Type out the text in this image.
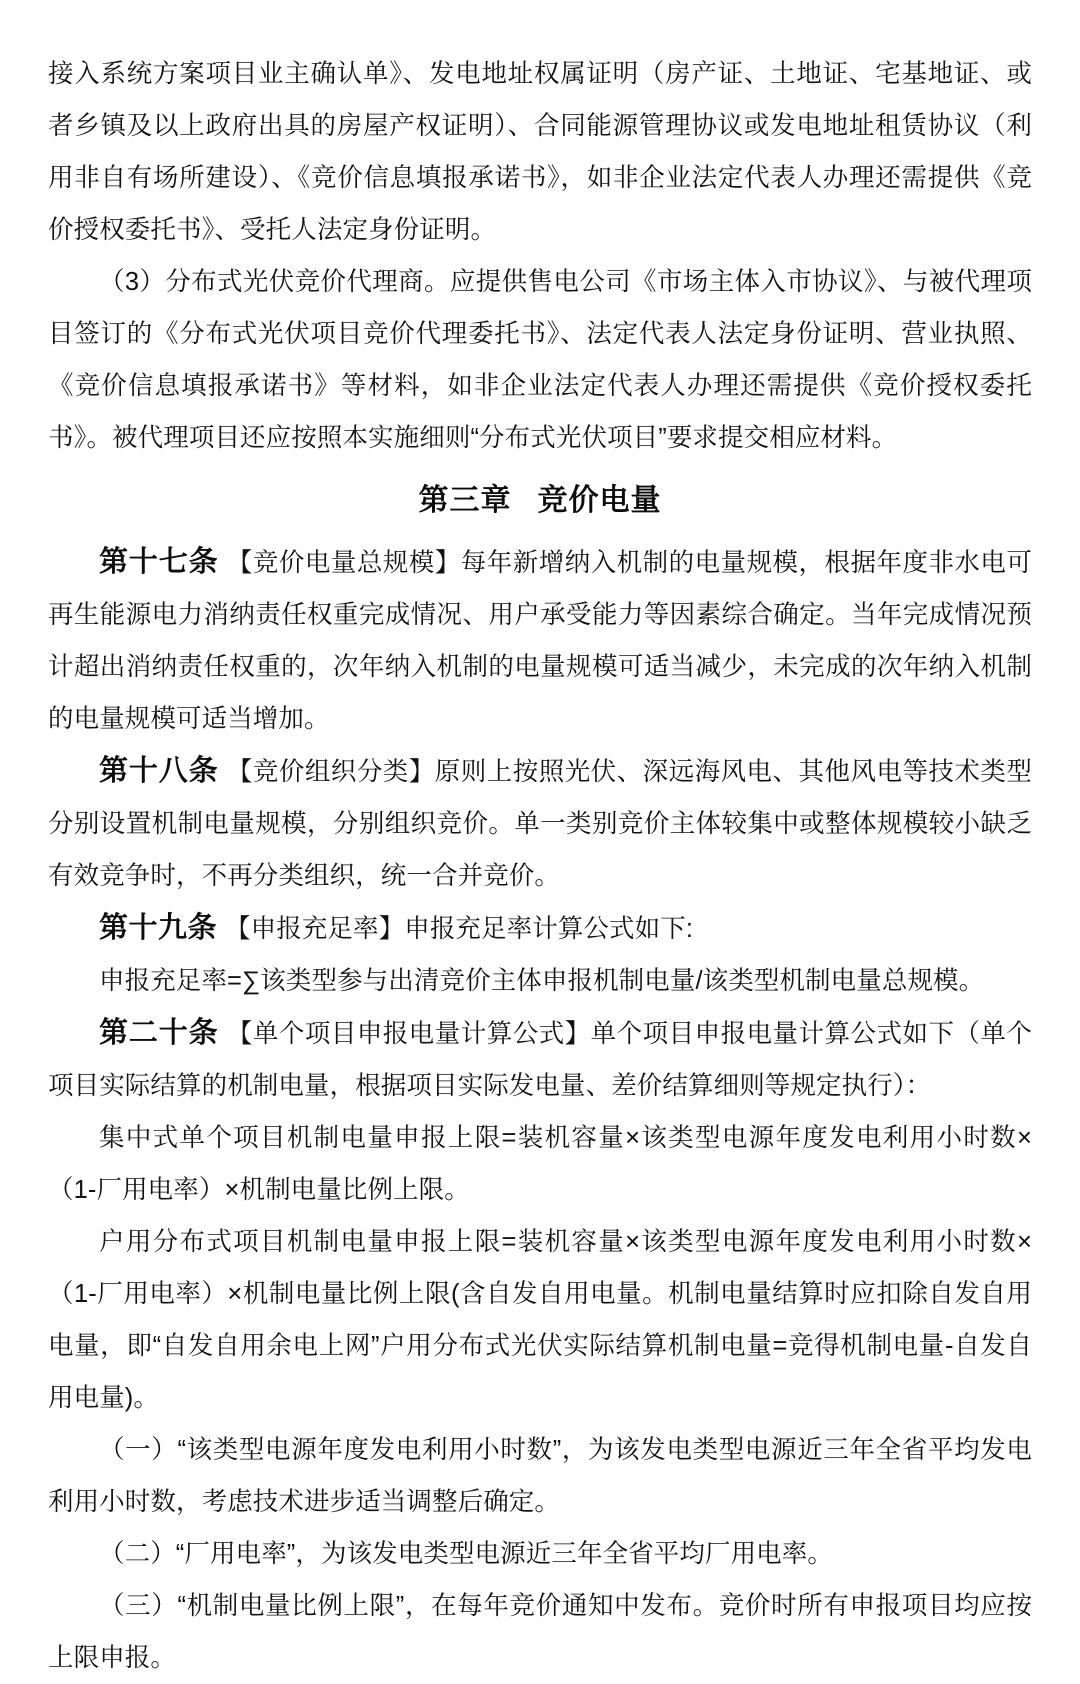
接入系统方案项目业主确认单》、发电地址权属证明（房产证、土地证、宅基地证、或者乡镇及以上政府出具的房屋产权证明）、合同能源管理协议或发电地址租赁协议（利用非自有场所建设）、《竞价信息填报承诺书》，如非企业法定代表人办理还需提供《竞价授权委托书》、受托人法定身份证明。

（3）分布式光伏竞价代理商。应提供售电公司《市场主体入市协议》、与被代理项目签订的《分布式光伏项目竞价代理委托书》、法定代表人法定身份证明、营业执照、《竞价信息填报承诺书》等材料，如非企业法定代表人办理还需提供《竞价授权委托书》。被代理项目还应按照本实施细则“分布式光伏项目”要求提交相应材料。

第三章 竞价电量

第十七条 【竞价电量总规模】每年新增纳入机制的电量规模，根据年度非水电可再生能源电力消纳责任权重完成情况、用户承受能力等因素综合确定。当年完成情况预计超出消纳责任权重的，次年纳入机制的电量规模可适当减少，未完成的次年纳入机制的电量规模可适当增加。

第十八条 【竞价组织分类】原则上按照光伏、深远海风电、其他风电等技术类型分别设置机制电量规模，分别组织竞价。单一类别竞价主体较集中或整体规模较小缺乏有效竞争时，不再分类组织，统一合并竞价。

第十九条 【申报充足率】申报充足率计算公式如下:

申报充足率=∑该类型参与出清竞价主体申报机制电量/该类型机制电量总规模。

第二十条 【单个项目申报电量计算公式】单个项目申报电量计算公式如下（单个项目实际结算的机制电量，根据项目实际发电量、差价结算细则等规定执行）：

集中式单个项目机制电量申报上限=装机容量×该类型电源年度发电利用小时数×（1-厂用电率）×机制电量比例上限。

户用分布式项目机制电量申报上限=装机容量×该类型电源年度发电利用小时数×（1-厂用电率）×机制电量比例上限(含自发自用电量。机制电量结算时应扣除自发自用电量，即“自发自用余电上网”户用分布式光伏实际结算机制电量=竞得机制电量-自发自用电量)。

（一）“该类型电源年度发电利用小时数”，为该发电类型电源近三年全省平均发电利用小时数，考虑技术进步适当调整后确定。

（二）“厂用电率”，为该发电类型电源近三年全省平均厂用电率。

（三）“机制电量比例上限”，在每年竞价通知中发布。竞价时所有申报项目均应按上限申报。
